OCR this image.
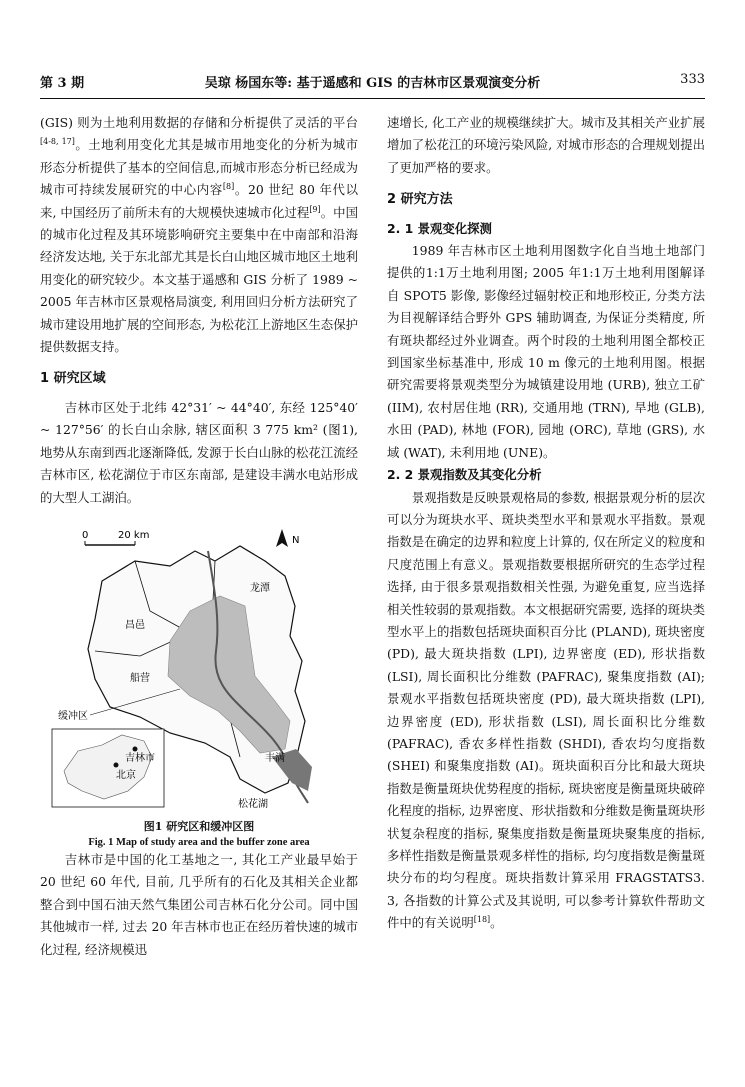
第 3 期	吴琼 杨国东等: 基于遥感和 GIS 的吉林市区景观演变分析	333

(GIS) 则为土地利用数据的存储和分析提供了灵活的平台[4-8, 17]。土地利用变化尤其是城市用地变化的分析为城市形态分析提供了基本的空间信息,而城市形态分析已经成为城市可持续发展研究的中心内容[8]。20 世纪 80 年代以来, 中国经历了前所未有的大规模快速城市化过程[9]。中国的城市化过程及其环境影响研究主要集中在中南部和沿海经济发达地, 关于东北部尤其是长白山地区城市地区土地利用变化的研究较少。本文基于遥感和 GIS 分析了 1989 ~ 2005 年吉林市区景观格局演变, 利用回归分析方法研究了城市建设用地扩展的空间形态, 为松花江上游地区生态保护提供数据支持。

1 研究区域

吉林市区处于北纬 42°31′ ~ 44°40′, 东经 125°40′ ~ 127°56′ 的长白山余脉, 辖区面积 3 775 km² (图1), 地势从东南到西北逐渐降低, 发源于长白山脉的松花江流经吉林市区, 松花湖位于市区东南部, 是建设丰满水电站形成的大型人工湖泊。

0	20 km	N
昌邑
龙潭
船营
缓冲区
丰满
松花湖
吉林市
北京
图1 研究区和缓冲区图
Fig. 1 Map of study area and the buffer zone area

吉林市是中国的化工基地之一, 其化工产业最早始于 20 世纪 60 年代, 目前, 几乎所有的石化及其相关企业都整合到中国石油天然气集团公司吉林石化分公司。同中国其他城市一样, 过去 20 年吉林市也正在经历着快速的城市化过程, 经济规模迅

速增长, 化工产业的规模继续扩大。城市及其相关产业扩展增加了松花江的环境污染风险, 对城市形态的合理规划提出了更加严格的要求。

2 研究方法
2. 1 景观变化探测

1989 年吉林市区土地利用图数字化自当地土地部门提供的1:1万土地利用图; 2005 年1:1万土地利用图解译自 SPOT5 影像, 影像经过辐射校正和地形校正, 分类方法为目视解译结合野外 GPS 辅助调查, 为保证分类精度, 所有斑块都经过外业调查。两个时段的土地利用图全都校正到国家坐标基准中, 形成 10 m 像元的土地利用图。根据研究需要将景观类型分为城镇建设用地 (URB), 独立工矿 (IIM), 农村居住地 (RR), 交通用地 (TRN), 旱地 (GLB), 水田 (PAD), 林地 (FOR), 园地 (ORC), 草地 (GRS), 水域 (WAT), 未利用地 (UNE)。

2. 2 景观指数及其变化分析

景观指数是反映景观格局的参数, 根据景观分析的层次可以分为斑块水平、斑块类型水平和景观水平指数。景观指数是在确定的边界和粒度上计算的, 仅在所定义的粒度和尺度范围上有意义。景观指数要根据所研究的生态学过程选择, 由于很多景观指数相关性强, 为避免重复, 应当选择相关性较弱的景观指数。本文根据研究需要, 选择的斑块类型水平上的指数包括斑块面积百分比 (PLAND), 斑块密度 (PD), 最大斑块指数 (LPI), 边界密度 (ED), 形状指数 (LSI), 周长面积比分维数 (PAFRAC), 聚集度指数 (AI); 景观水平指数包括斑块密度 (PD), 最大斑块指数 (LPI), 边界密度 (ED), 形状指数 (LSI), 周长面积比分维数 (PAFRAC), 香农多样性指数 (SHDI), 香农均匀度指数 (SHEI) 和聚集度指数 (AI)。斑块面积百分比和最大斑块指数是衡量斑块优势程度的指标, 斑块密度是衡量斑块破碎化程度的指标, 边界密度、形状指数和分维数是衡量斑块形状复杂程度的指标, 聚集度指数是衡量斑块聚集度的指标, 多样性指数是衡量景观多样性的指标, 均匀度指数是衡量斑块分布的均匀程度。斑块指数计算采用 FRAGSTATS3. 3, 各指数的计算公式及其说明, 可以参考计算软件帮助文件中的有关说明[18]。
